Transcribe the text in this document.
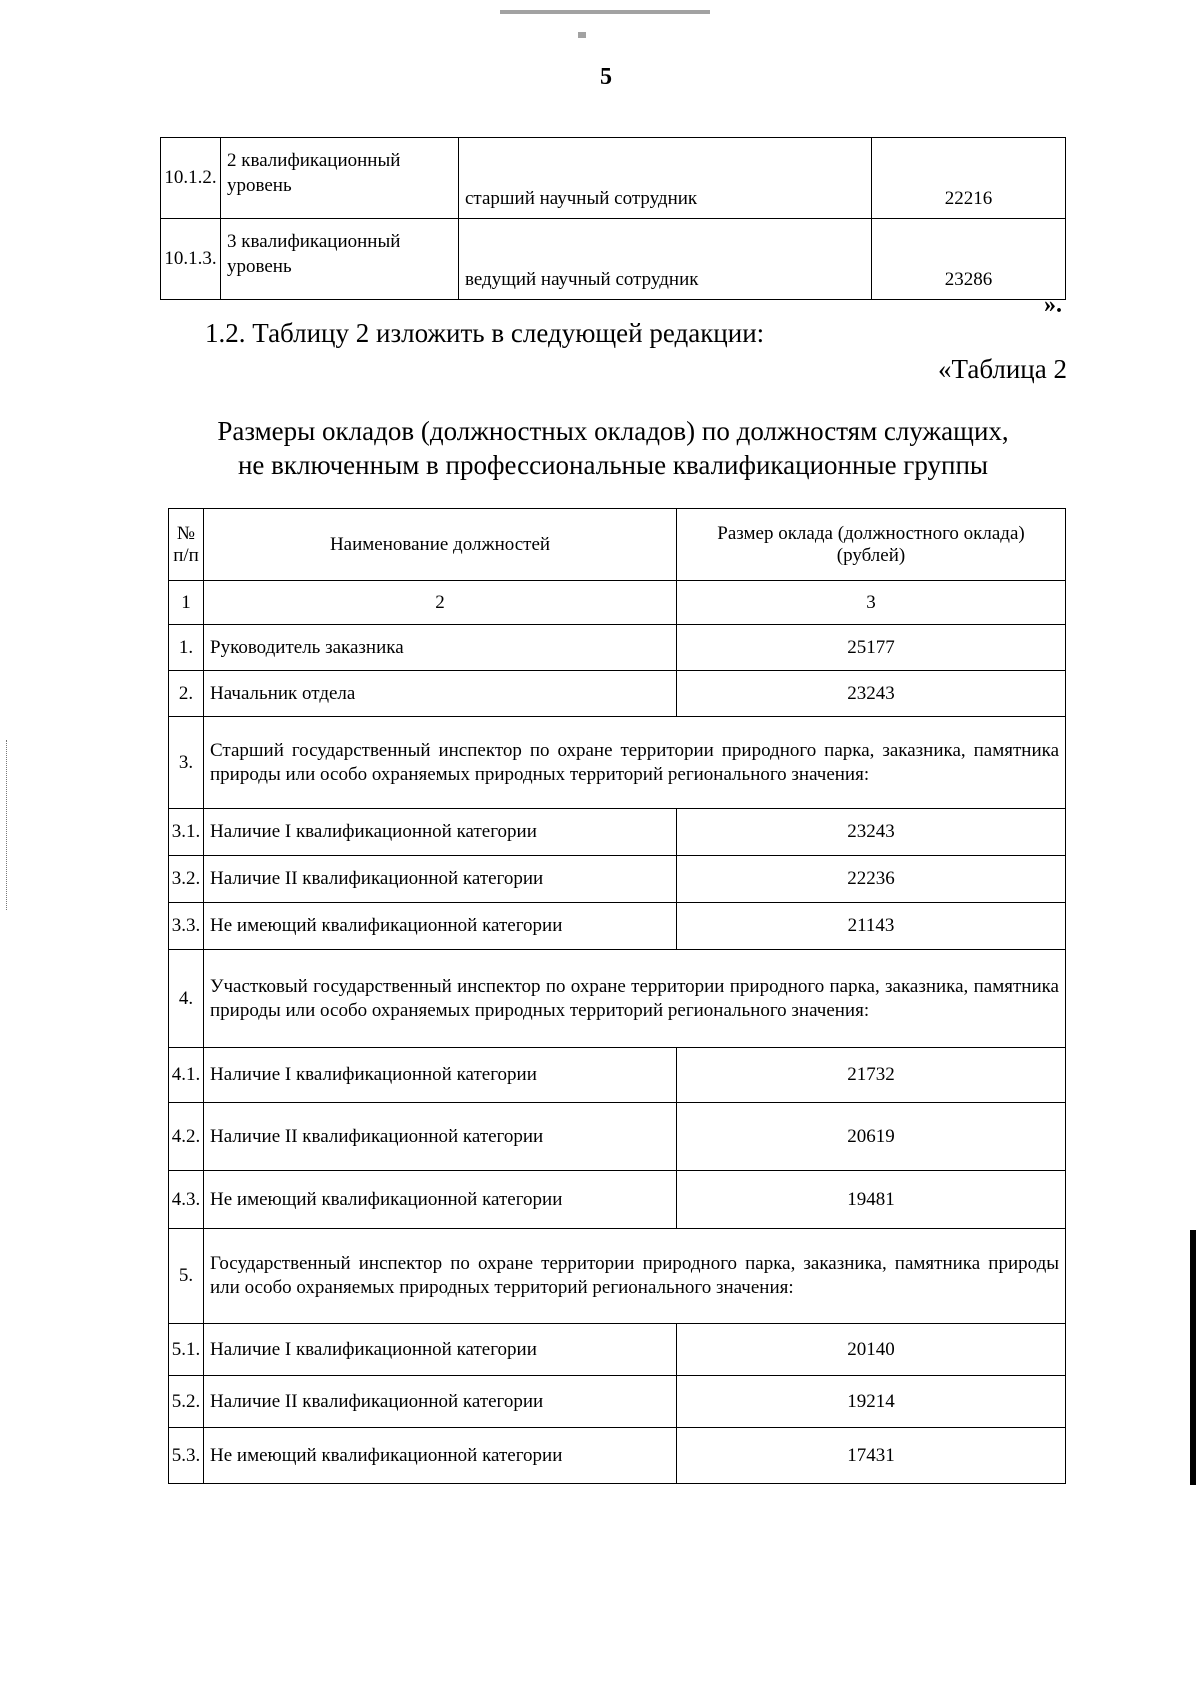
5
10.1.2.	2 квалификационный уровень	старший научный сотрудник	22216
10.1.3.	3 квалификационный уровень	ведущий научный сотрудник	23286
».
1.2. Таблицу 2 изложить в следующей редакции:
«Таблица 2
Размеры окладов (должностных окладов) по должностям служащих,
не включенным в профессиональные квалификационные группы
№ п/п	Наименование должностей	Размер оклада (должностного оклада) (рублей)
1	2	3
1.	Руководитель заказника	25177
2.	Начальник отдела	23243
3.	Старший государственный инспектор по охране территории природного парка, заказника, памятника природы или особо охраняемых природных территорий регионального значения:	
3.1.	Наличие I квалификационной категории	23243
3.2.	Наличие II квалификационной категории	22236
3.3.	Не имеющий квалификационной категории	21143
4.	Участковый государственный инспектор по охране территории природного парка, заказника, памятника природы или особо охраняемых природных территорий регионального значения:	
4.1.	Наличие I квалификационной категории	21732
4.2.	Наличие II квалификационной категории	20619
4.3.	Не имеющий квалификационной категории	19481
5.	Государственный инспектор по охране территории природного парка, заказника, памятника природы или особо охраняемых природных территорий регионального значения:	
5.1.	Наличие I квалификационной категории	20140
5.2.	Наличие II квалификационной категории	19214
5.3.	Не имеющий квалификационной категории	17431
